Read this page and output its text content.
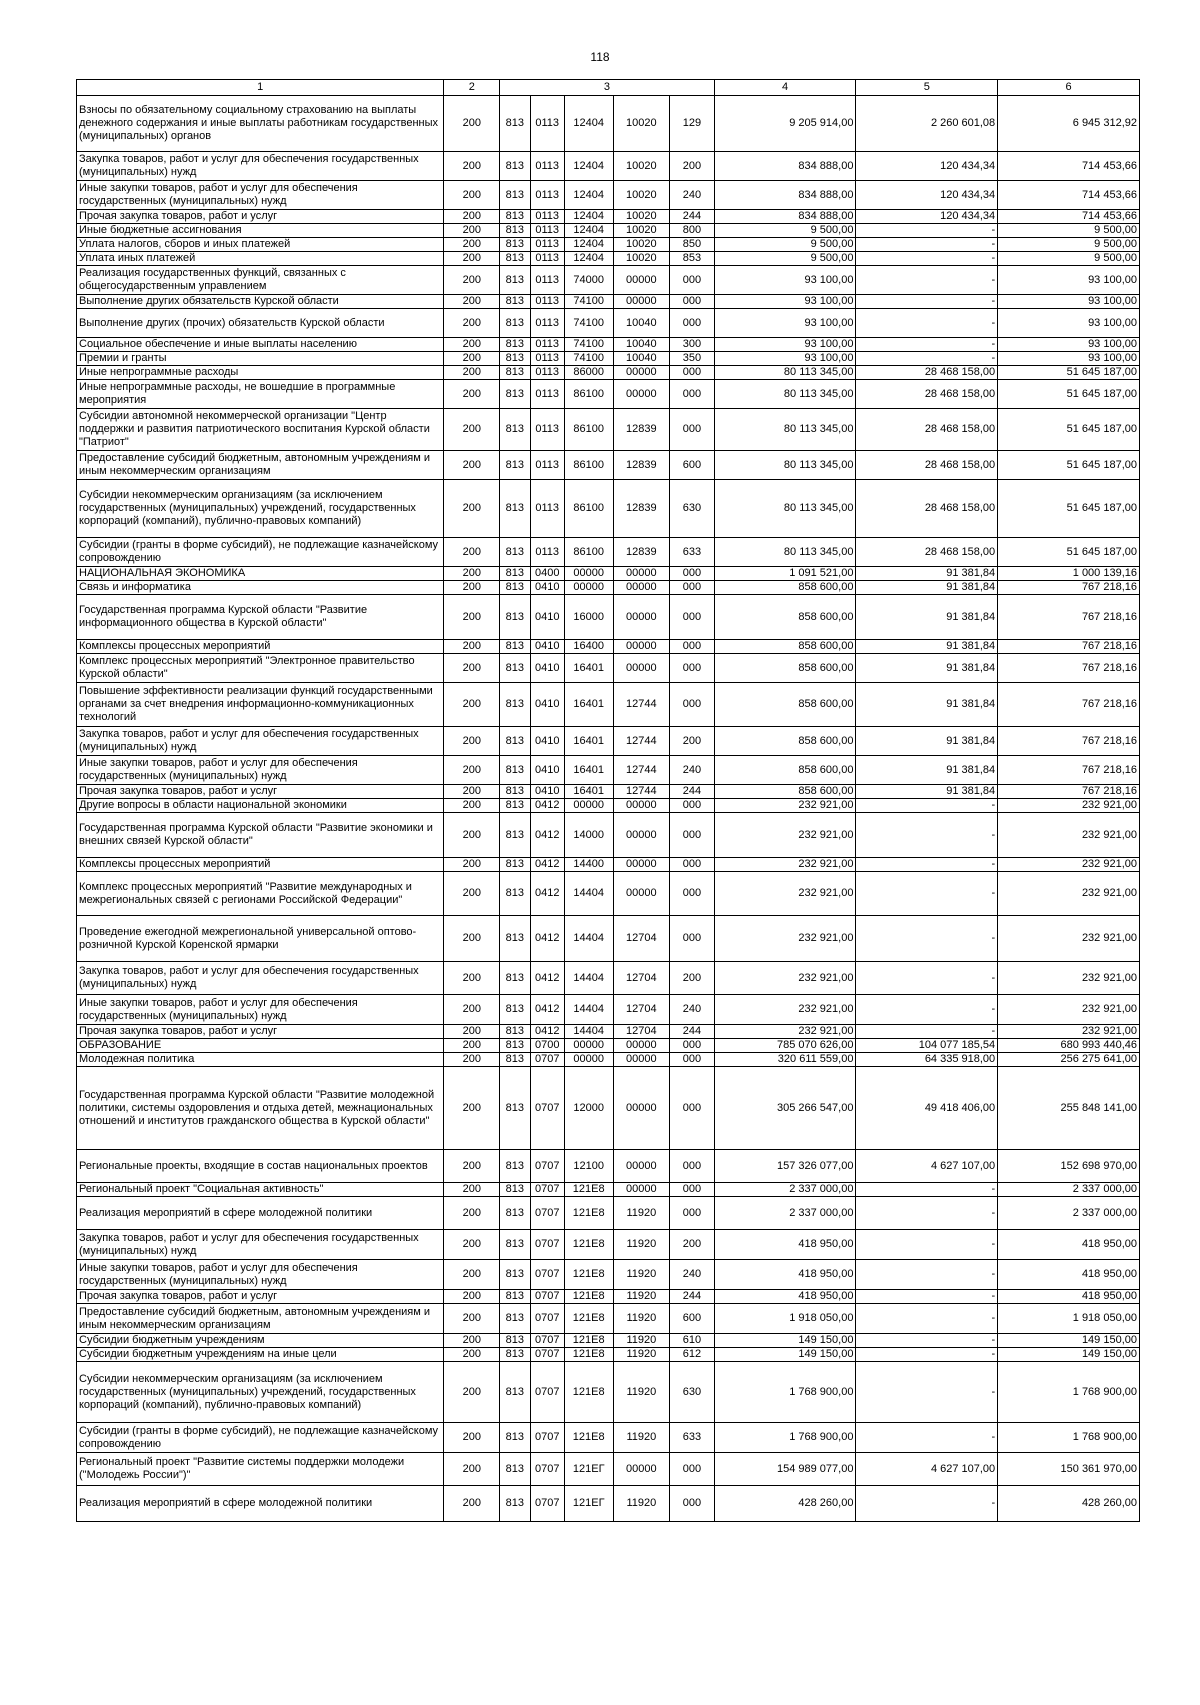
118
1	2	3					4	5	6
Взносы по обязательному социальному страхованию на выплаты денежного содержания и иные выплаты работникам государственных (муниципальных) органов	200	813	0113	12404	10020	129	9 205 914,00	2 260 601,08	6 945 312,92
Закупка товаров, работ и услуг для обеспечения государственных (муниципальных) нужд	200	813	0113	12404	10020	200	834 888,00	120 434,34	714 453,66
Иные закупки товаров, работ и услуг для обеспечения государственных (муниципальных) нужд	200	813	0113	12404	10020	240	834 888,00	120 434,34	714 453,66
Прочая закупка товаров, работ и услуг	200	813	0113	12404	10020	244	834 888,00	120 434,34	714 453,66
Иные бюджетные ассигнования	200	813	0113	12404	10020	800	9 500,00	-	9 500,00
Уплата налогов, сборов и иных платежей	200	813	0113	12404	10020	850	9 500,00	-	9 500,00
Уплата иных платежей	200	813	0113	12404	10020	853	9 500,00	-	9 500,00
Реализация государственных функций, связанных с общегосударственным управлением	200	813	0113	74000	00000	000	93 100,00	-	93 100,00
Выполнение других обязательств Курской области	200	813	0113	74100	00000	000	93 100,00	-	93 100,00
Выполнение других (прочих) обязательств Курской области	200	813	0113	74100	10040	000	93 100,00	-	93 100,00
Социальное обеспечение и иные выплаты населению	200	813	0113	74100	10040	300	93 100,00	-	93 100,00
Премии и гранты	200	813	0113	74100	10040	350	93 100,00	-	93 100,00
Иные непрограммные расходы	200	813	0113	86000	00000	000	80 113 345,00	28 468 158,00	51 645 187,00
Иные непрограммные расходы, не вошедшие в программные мероприятия	200	813	0113	86100	00000	000	80 113 345,00	28 468 158,00	51 645 187,00
Субсидии автономной некоммерческой организации "Центр поддержки и развития патриотического воспитания Курской области "Патриот"	200	813	0113	86100	12839	000	80 113 345,00	28 468 158,00	51 645 187,00
Предоставление субсидий бюджетным, автономным учреждениям и иным некоммерческим организациям	200	813	0113	86100	12839	600	80 113 345,00	28 468 158,00	51 645 187,00
Субсидии некоммерческим организациям (за исключением государственных (муниципальных) учреждений, государственных корпораций (компаний), публично-правовых компаний)	200	813	0113	86100	12839	630	80 113 345,00	28 468 158,00	51 645 187,00
Субсидии (гранты в форме субсидий), не подлежащие казначейскому сопровождению	200	813	0113	86100	12839	633	80 113 345,00	28 468 158,00	51 645 187,00
НАЦИОНАЛЬНАЯ ЭКОНОМИКА	200	813	0400	00000	00000	000	1 091 521,00	91 381,84	1 000 139,16
Связь и информатика	200	813	0410	00000	00000	000	858 600,00	91 381,84	767 218,16
Государственная программа Курской области "Развитие информационного общества в Курской области"	200	813	0410	16000	00000	000	858 600,00	91 381,84	767 218,16
Комплексы процессных мероприятий	200	813	0410	16400	00000	000	858 600,00	91 381,84	767 218,16
Комплекс процессных мероприятий "Электронное правительство Курской области"	200	813	0410	16401	00000	000	858 600,00	91 381,84	767 218,16
Повышение эффективности реализации функций государственными органами за счет внедрения информационно-коммуникационных технологий	200	813	0410	16401	12744	000	858 600,00	91 381,84	767 218,16
Закупка товаров, работ и услуг для обеспечения государственных (муниципальных) нужд	200	813	0410	16401	12744	200	858 600,00	91 381,84	767 218,16
Иные закупки товаров, работ и услуг для обеспечения государственных (муниципальных) нужд	200	813	0410	16401	12744	240	858 600,00	91 381,84	767 218,16
Прочая закупка товаров, работ и услуг	200	813	0410	16401	12744	244	858 600,00	91 381,84	767 218,16
Другие вопросы в области национальной экономики	200	813	0412	00000	00000	000	232 921,00	-	232 921,00
Государственная программа Курской области "Развитие экономики и внешних связей Курской области"	200	813	0412	14000	00000	000	232 921,00	-	232 921,00
Комплексы процессных мероприятий	200	813	0412	14400	00000	000	232 921,00	-	232 921,00
Комплекс процессных мероприятий "Развитие международных и межрегиональных связей с регионами Российской Федерации"	200	813	0412	14404	00000	000	232 921,00	-	232 921,00
Проведение ежегодной межрегиональной универсальной оптово-розничной Курской Коренской ярмарки	200	813	0412	14404	12704	000	232 921,00	-	232 921,00
Закупка товаров, работ и услуг для обеспечения государственных (муниципальных) нужд	200	813	0412	14404	12704	200	232 921,00	-	232 921,00
Иные закупки товаров, работ и услуг для обеспечения государственных (муниципальных) нужд	200	813	0412	14404	12704	240	232 921,00	-	232 921,00
Прочая закупка товаров, работ и услуг	200	813	0412	14404	12704	244	232 921,00	-	232 921,00
ОБРАЗОВАНИЕ	200	813	0700	00000	00000	000	785 070 626,00	104 077 185,54	680 993 440,46
Молодежная политика	200	813	0707	00000	00000	000	320 611 559,00	64 335 918,00	256 275 641,00
Государственная программа Курской области "Развитие молодежной политики, системы оздоровления и отдыха детей, межнациональных отношений и институтов гражданского общества в Курской области"	200	813	0707	12000	00000	000	305 266 547,00	49 418 406,00	255 848 141,00
Региональные проекты, входящие в состав национальных проектов	200	813	0707	12100	00000	000	157 326 077,00	4 627 107,00	152 698 970,00
Региональный проект "Социальная активность"	200	813	0707	121Е8	00000	000	2 337 000,00	-	2 337 000,00
Реализация мероприятий в сфере молодежной политики	200	813	0707	121Е8	11920	000	2 337 000,00	-	2 337 000,00
Закупка товаров, работ и услуг для обеспечения государственных (муниципальных) нужд	200	813	0707	121Е8	11920	200	418 950,00	-	418 950,00
Иные закупки товаров, работ и услуг для обеспечения государственных (муниципальных) нужд	200	813	0707	121Е8	11920	240	418 950,00	-	418 950,00
Прочая закупка товаров, работ и услуг	200	813	0707	121Е8	11920	244	418 950,00	-	418 950,00
Предоставление субсидий бюджетным, автономным учреждениям и иным некоммерческим организациям	200	813	0707	121Е8	11920	600	1 918 050,00	-	1 918 050,00
Субсидии бюджетным учреждениям	200	813	0707	121Е8	11920	610	149 150,00	-	149 150,00
Субсидии бюджетным учреждениям на иные цели	200	813	0707	121Е8	11920	612	149 150,00	-	149 150,00
Субсидии некоммерческим организациям (за исключением государственных (муниципальных) учреждений, государственных корпораций (компаний), публично-правовых компаний)	200	813	0707	121Е8	11920	630	1 768 900,00	-	1 768 900,00
Субсидии (гранты в форме субсидий), не подлежащие казначейскому сопровождению	200	813	0707	121Е8	11920	633	1 768 900,00	-	1 768 900,00
Региональный проект "Развитие системы поддержки молодежи ("Молодежь России")"	200	813	0707	121ЕГ	00000	000	154 989 077,00	4 627 107,00	150 361 970,00
Реализация мероприятий в сфере молодежной политики	200	813	0707	121ЕГ	11920	000	428 260,00	-	428 260,00
